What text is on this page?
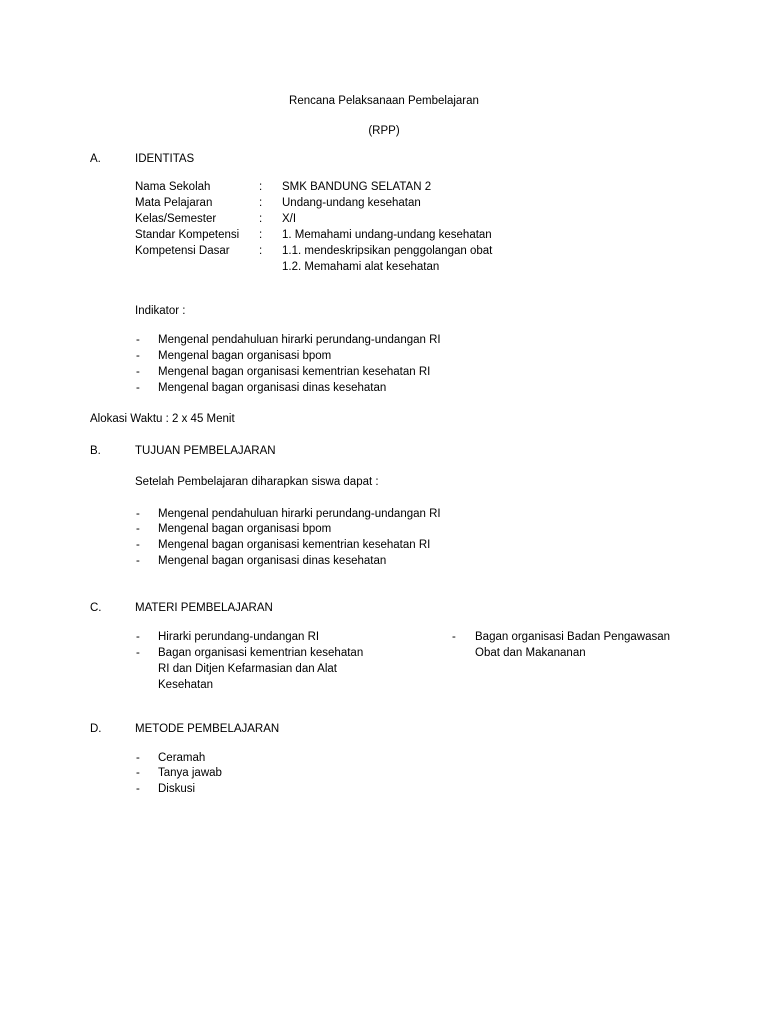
Rencana Pelaksanaan Pembelajaran
(RPP)
A.	IDENTITAS
Nama Sekolah	: SMK BANDUNG SELATAN 2
Mata Pelajaran	: Undang-undang kesehatan
Kelas/Semester	: X/I
Standar Kompetensi : 1. Memahami undang-undang kesehatan
Kompetensi Dasar	: 1.1. mendeskripsikan penggolangan obat
1.2. Memahami alat kesehatan
Indikator :
- Mengenal pendahuluan hirarki perundang-undangan RI
- Mengenal bagan organisasi bpom
- Mengenal bagan organisasi kementrian kesehatan RI
- Mengenal bagan organisasi dinas kesehatan
Alokasi Waktu : 2 x 45 Menit
B.	TUJUAN PEMBELAJARAN
Setelah Pembelajaran diharapkan siswa dapat :
- Mengenal pendahuluan hirarki perundang-undangan RI
- Mengenal bagan organisasi bpom
- Mengenal bagan organisasi kementrian kesehatan RI
- Mengenal bagan organisasi dinas kesehatan
C.	MATERI PEMBELAJARAN
- Hirarki perundang-undangan RI
- Bagan organisasi kementrian kesehatan
RI dan Ditjen Kefarmasian dan Alat
Kesehatan
- Bagan organisasi Badan Pengawasan
Obat dan Makananan
D.	METODE PEMBELAJARAN
- Ceramah
- Tanya jawab
- Diskusi
